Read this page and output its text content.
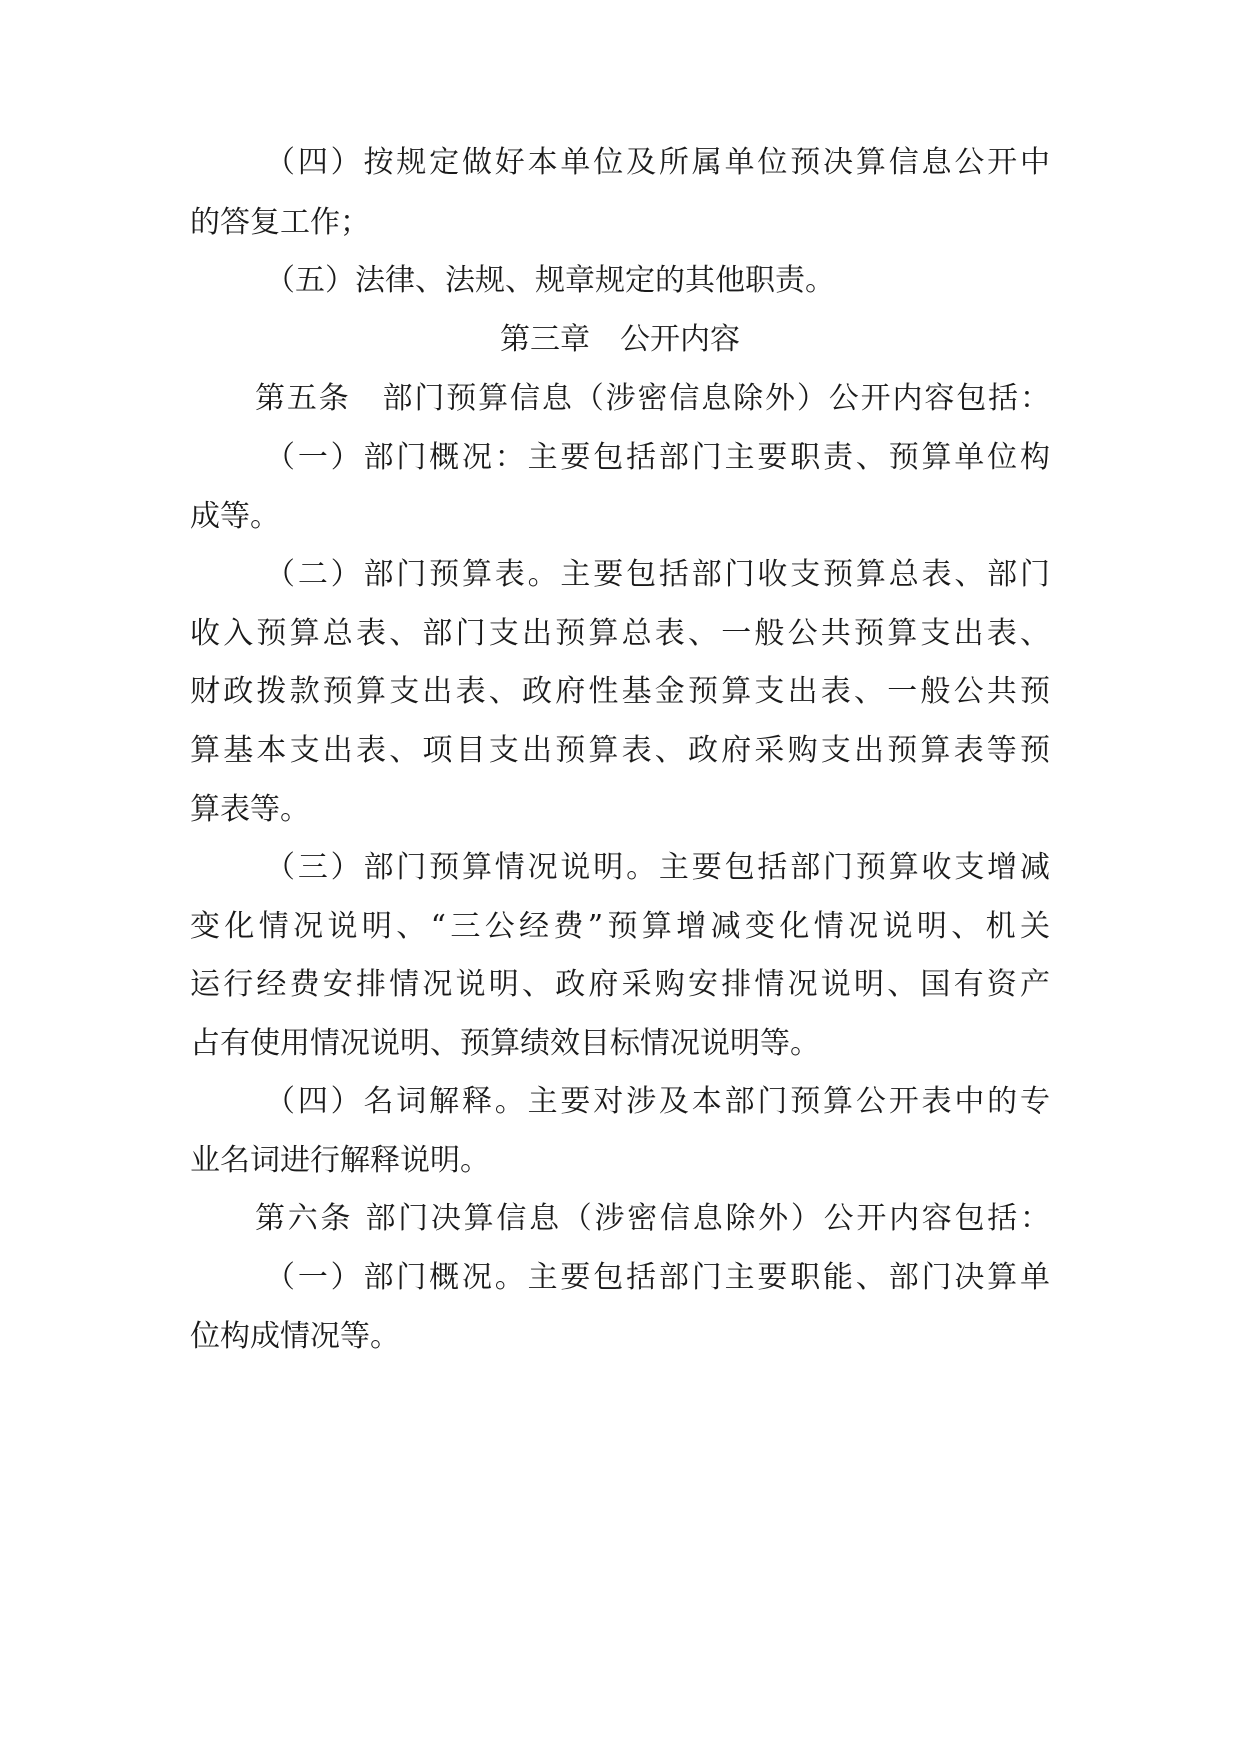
（四）按规定做好本单位及所属单位预决算信息公开中

的答复工作；

（五）法律、法规、规章规定的其他职责。

第三章　公开内容

第五条　部门预算信息（涉密信息除外）公开内容包括：

（一）部门概况：主要包括部门主要职责、预算单位构

成等。

（二）部门预算表。主要包括部门收支预算总表、部门

收入预算总表、部门支出预算总表、一般公共预算支出表、

财政拨款预算支出表、政府性基金预算支出表、一般公共预

算基本支出表、项目支出预算表、政府采购支出预算表等预

算表等。

（三）部门预算情况说明。主要包括部门预算收支增减

变化情况说明、“三公经费”预算增减变化情况说明、机关

运行经费安排情况说明、政府采购安排情况说明、国有资产

占有使用情况说明、预算绩效目标情况说明等。

（四）名词解释。主要对涉及本部门预算公开表中的专

业名词进行解释说明。

第六条 部门决算信息（涉密信息除外）公开内容包括：

（一）部门概况。主要包括部门主要职能、部门决算单

位构成情况等。
